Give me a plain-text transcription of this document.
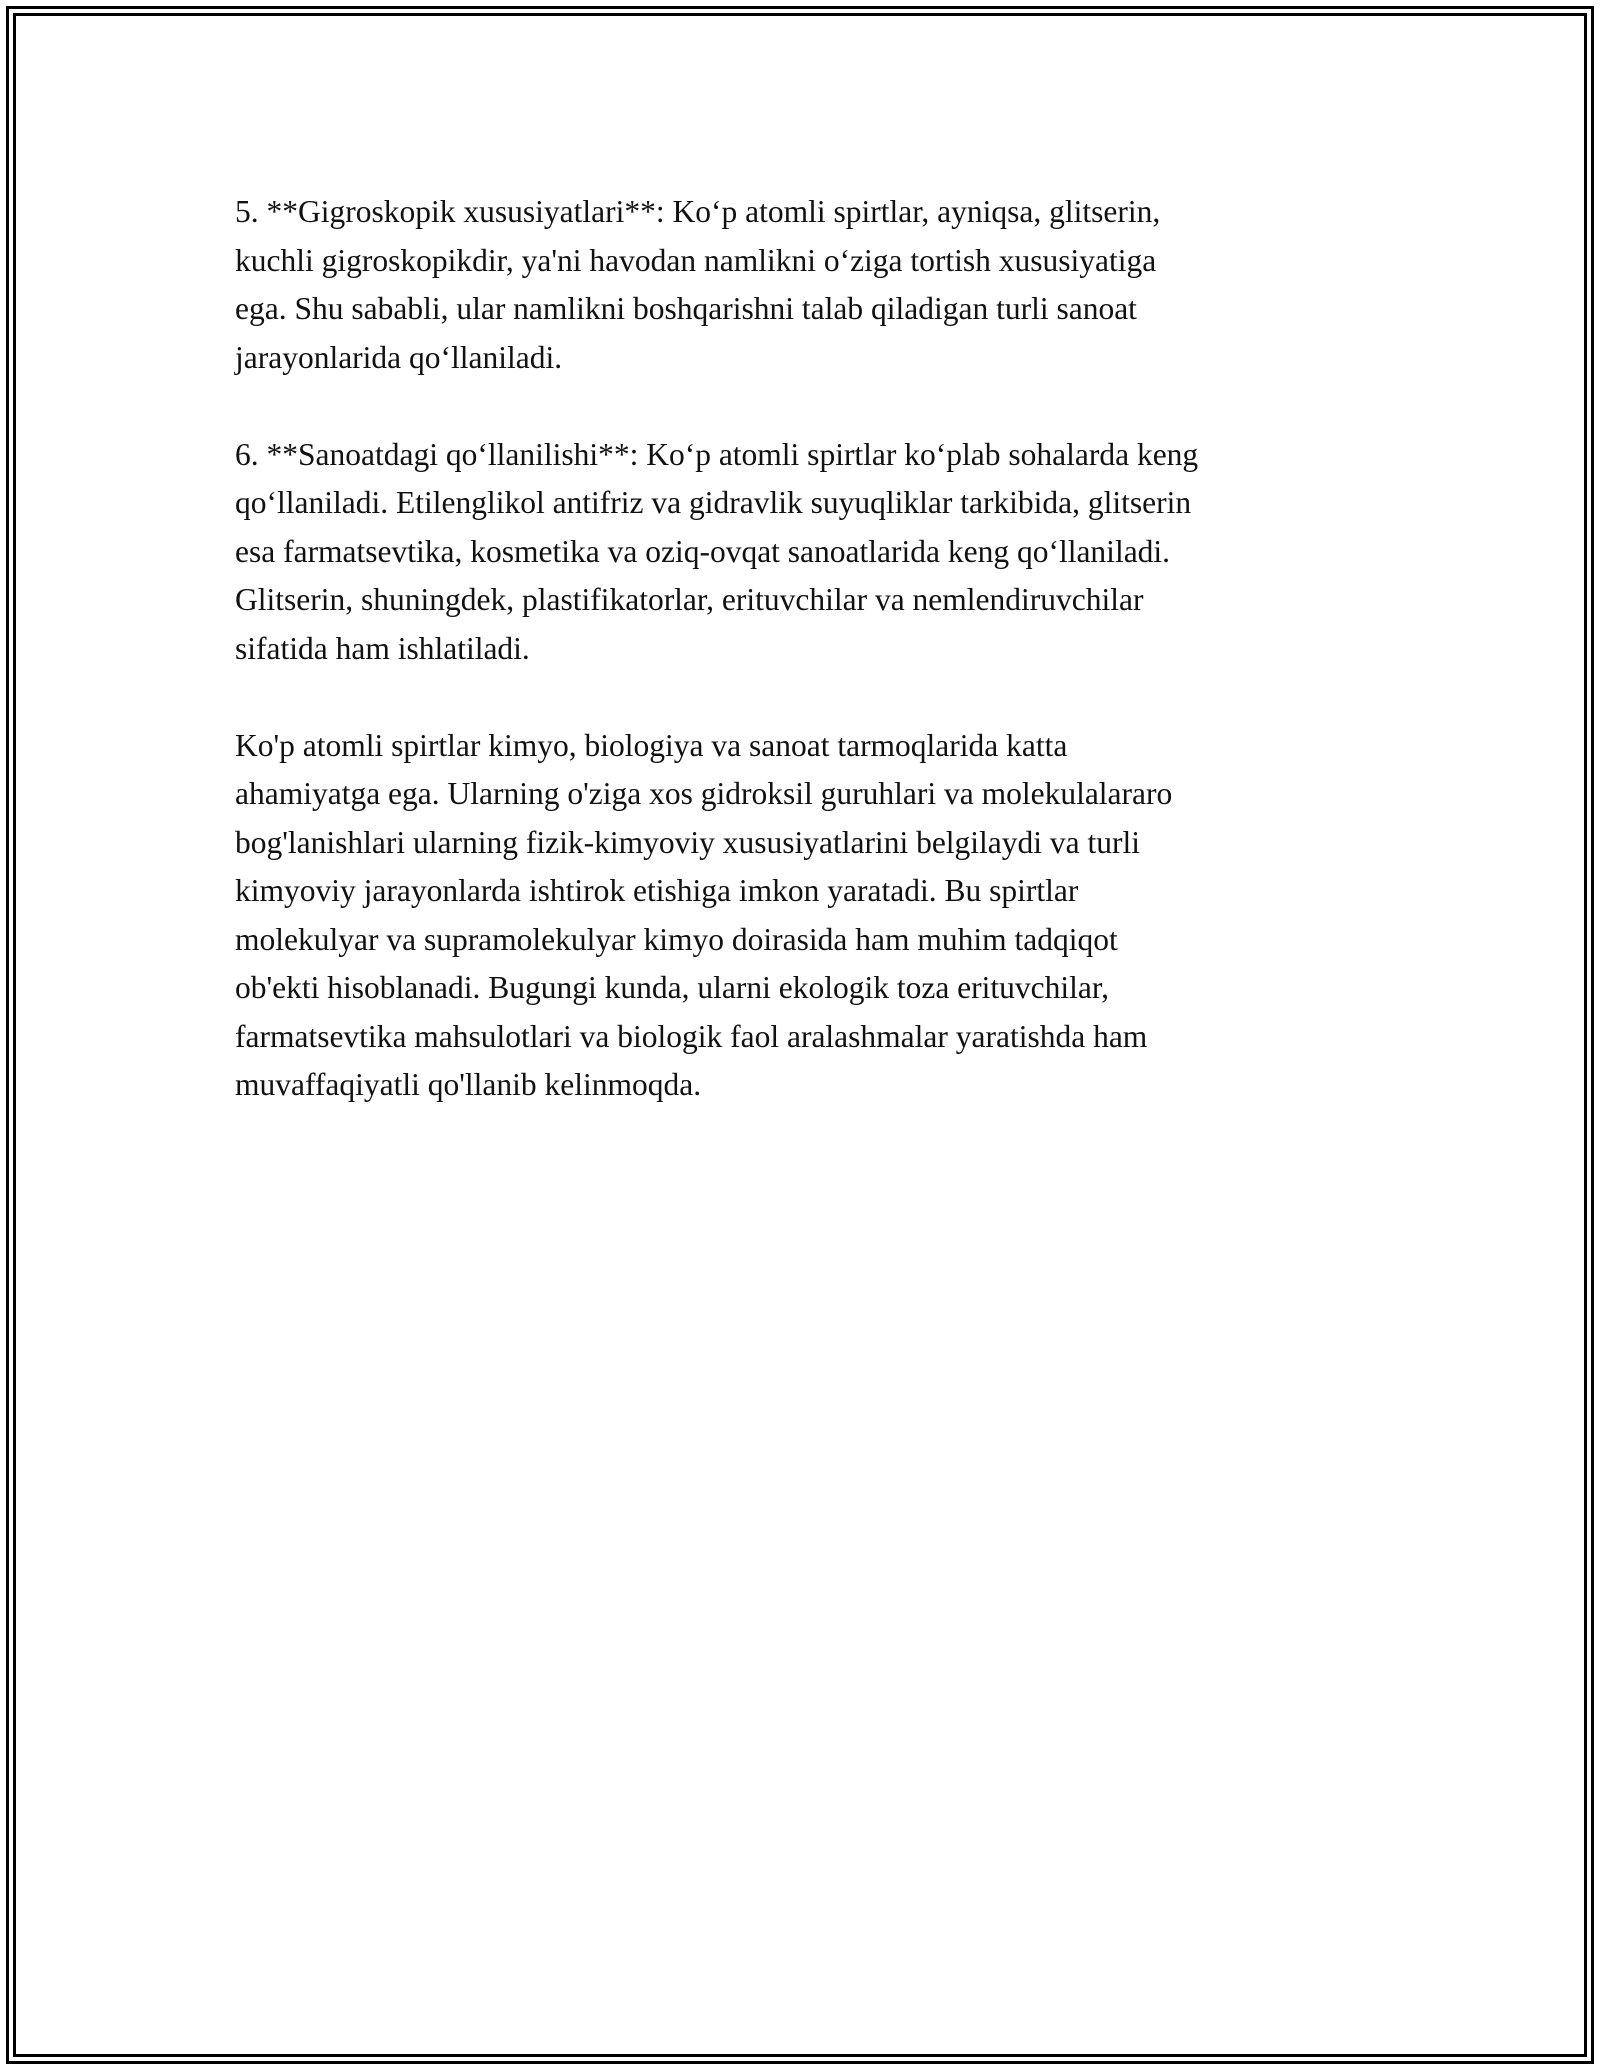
5. **Gigroskopik xususiyatlari**: Ko‘p atomli spirtlar, ayniqsa, glitserin,
kuchli gigroskopikdir, ya'ni havodan namlikni o‘ziga tortish xususiyatiga
ega. Shu sababli, ular namlikni boshqarishni talab qiladigan turli sanoat
jarayonlarida qo‘llaniladi.

6. **Sanoatdagi qo‘llanilishi**: Ko‘p atomli spirtlar ko‘plab sohalarda keng
qo‘llaniladi. Etilenglikol antifriz va gidravlik suyuqliklar tarkibida, glitserin
esa farmatsevtika, kosmetika va oziq-ovqat sanoatlarida keng qo‘llaniladi.
Glitserin, shuningdek, plastifikatorlar, erituvchilar va nemlendiruvchilar
sifatida ham ishlatiladi.

Ko'p atomli spirtlar kimyo, biologiya va sanoat tarmoqlarida katta
ahamiyatga ega. Ularning o'ziga xos gidroksil guruhlari va molekulalararo
bog'lanishlari ularning fizik-kimyoviy xususiyatlarini belgilaydi va turli
kimyoviy jarayonlarda ishtirok etishiga imkon yaratadi. Bu spirtlar
molekulyar va supramolekulyar kimyo doirasida ham muhim tadqiqot
ob'ekti hisoblanadi. Bugungi kunda, ularni ekologik toza erituvchilar,
farmatsevtika mahsulotlari va biologik faol aralashmalar yaratishda ham
muvaffaqiyatli qo'llanib kelinmoqda.
